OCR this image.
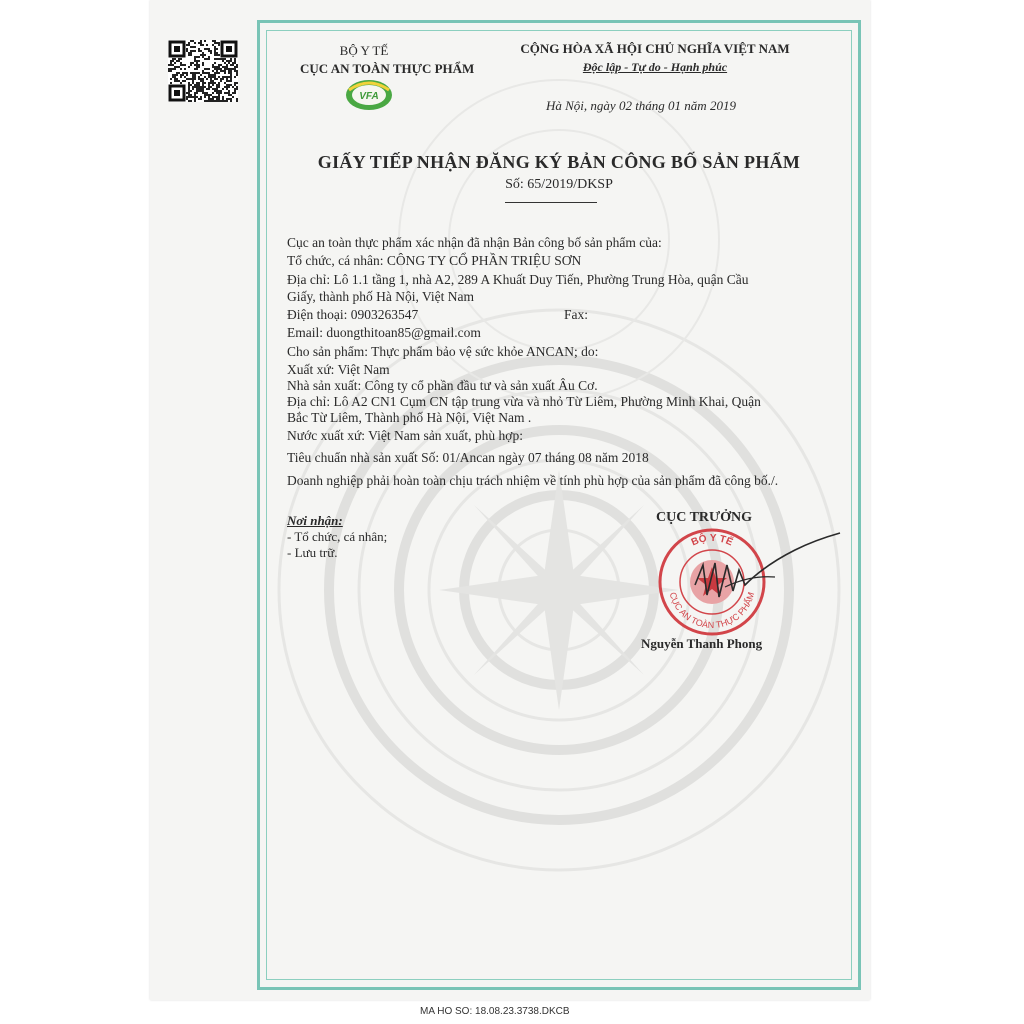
BỘ Y TẾ
CỤC AN TOÀN THỰC PHẨM
VFA
CỘNG HÒA XÃ HỘI CHỦ NGHĨA VIỆT NAM
Độc lập - Tự do - Hạnh phúc
Hà Nội, ngày 02 tháng 01 năm 2019
GIẤY TIẾP NHẬN ĐĂNG KÝ BẢN CÔNG BỐ SẢN PHẨM
Số: 65/2019/DKSP
Cục an toàn thực phẩm xác nhận đã nhận Bản công bố sản phẩm của:
Tổ chức, cá nhân: CÔNG TY CỔ PHẦN TRIỆU SƠN
Địa chỉ: Lô 1.1 tầng 1, nhà A2, 289 A Khuất Duy Tiến, Phường Trung Hòa, quận Cầu
Giấy, thành phố Hà Nội, Việt Nam
Điện thoại: 0903263547	Fax:
Email: duongthitoan85@gmail.com
Cho sản phẩm: Thực phẩm bảo vệ sức khỏe ANCAN; do:
Xuất xứ: Việt Nam
Nhà sản xuất: Công ty cổ phần đầu tư và sản xuất Âu Cơ.
Địa chỉ: Lô A2 CN1 Cụm CN tập trung vừa và nhỏ Từ Liêm, Phường Minh Khai, Quận
Bắc Từ Liêm, Thành phố Hà Nội, Việt Nam .
Nước xuất xứ: Việt Nam sản xuất, phù hợp:
Tiêu chuẩn nhà sản xuất Số: 01/Ancan ngày 07 tháng 08 năm 2018
Doanh nghiệp phải hoàn toàn chịu trách nhiệm về tính phù hợp của sản phẩm đã công bố./.
Nơi nhận:
- Tổ chức, cá nhân;
- Lưu trữ.
CỤC TRƯỞNG
BỘ Y TẾ
CỤC AN TOÀN THỰC PHẨM
Nguyễn Thanh Phong
MA HO SO: 18.08.23.3738.DKCB
